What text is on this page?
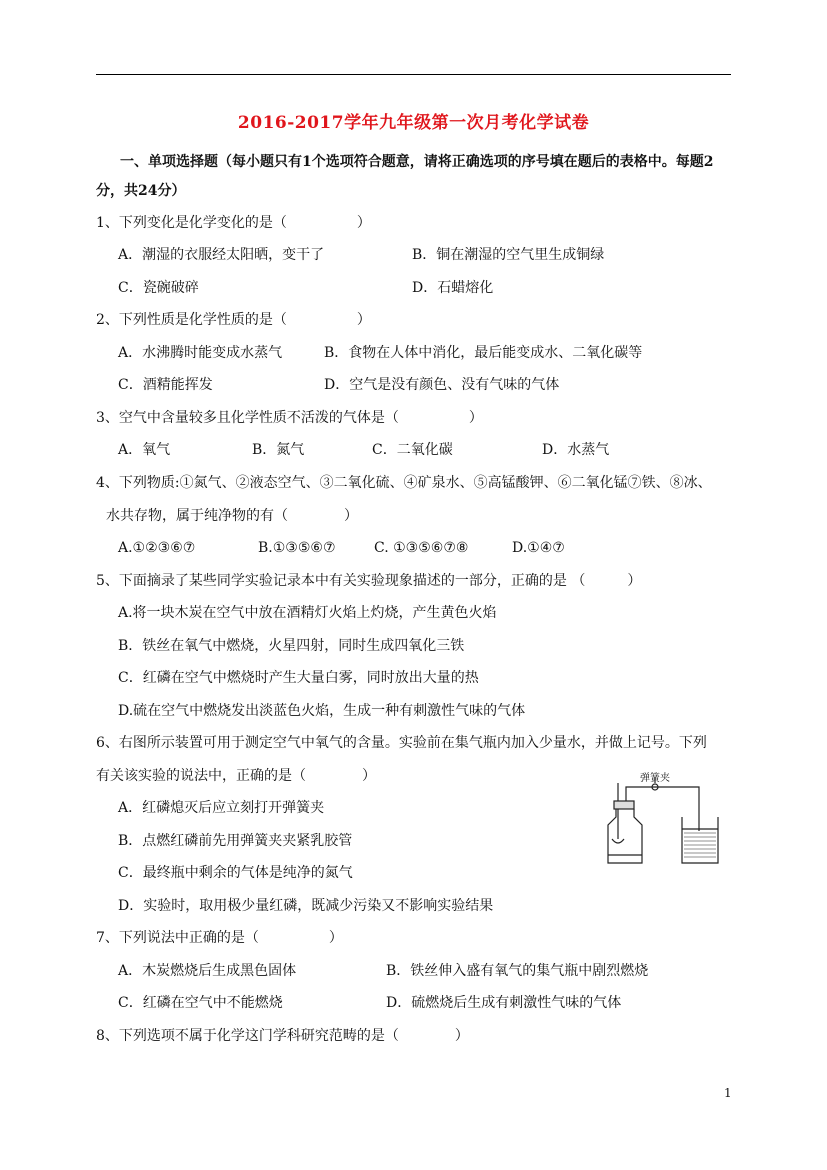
2016-2017学年九年级第一次月考化学试卷
一、单项选择题（每小题只有1个选项符合题意，请将正确选项的序号填在题后的表格中。每题2
分，共24分）
1、下列变化是化学变化的是（　　　　　）
A．潮湿的衣服经太阳晒，变干了	B．铜在潮湿的空气里生成铜绿
C．瓷碗破碎	D．石蜡熔化
2、下列性质是化学性质的是（　　　　　）
A．水沸腾时能变成水蒸气	B．食物在人体中消化，最后能变成水、二氧化碳等
C．酒精能挥发	D．空气是没有颜色、没有气味的气体
3、空气中含量较多且化学性质不活泼的气体是（　　　　　）
A．氧气	B．氮气	C．二氧化碳	D．水蒸气
4、下列物质:①氮气、②液态空气、③二氧化硫、④矿泉水、⑤高锰酸钾、⑥二氧化锰⑦铁、⑧冰、
水共存物，属于纯净物的有（　　　　）
A.①②③⑥⑦	B.①③⑤⑥⑦	C. ①③⑤⑥⑦⑧	D.①④⑦
5、下面摘录了某些同学实验记录本中有关实验现象描述的一部分，正确的是 （　　　）
A.将一块木炭在空气中放在酒精灯火焰上灼烧，产生黄色火焰
B．铁丝在氧气中燃烧，火星四射，同时生成四氧化三铁
C．红磷在空气中燃烧时产生大量白雾，同时放出大量的热
D.硫在空气中燃烧发出淡蓝色火焰，生成一种有刺激性气味的气体
6、右图所示装置可用于测定空气中氧气的含量。实验前在集气瓶内加入少量水，并做上记号。下列
有关该实验的说法中，正确的是（　　　　）
A．红磷熄灭后应立刻打开弹簧夹
B．点燃红磷前先用弹簧夹夹紧乳胶管
C．最终瓶中剩余的气体是纯净的氮气
D．实验时，取用极少量红磷，既减少污染又不影响实验结果
弹簧夹
7、下列说法中正确的是（　　　　　）
A．木炭燃烧后生成黑色固体	B．铁丝伸入盛有氧气的集气瓶中剧烈燃烧
C．红磷在空气中不能燃烧	D．硫燃烧后生成有刺激性气味的气体
8、下列选项不属于化学这门学科研究范畴的是（　　　　）
1
